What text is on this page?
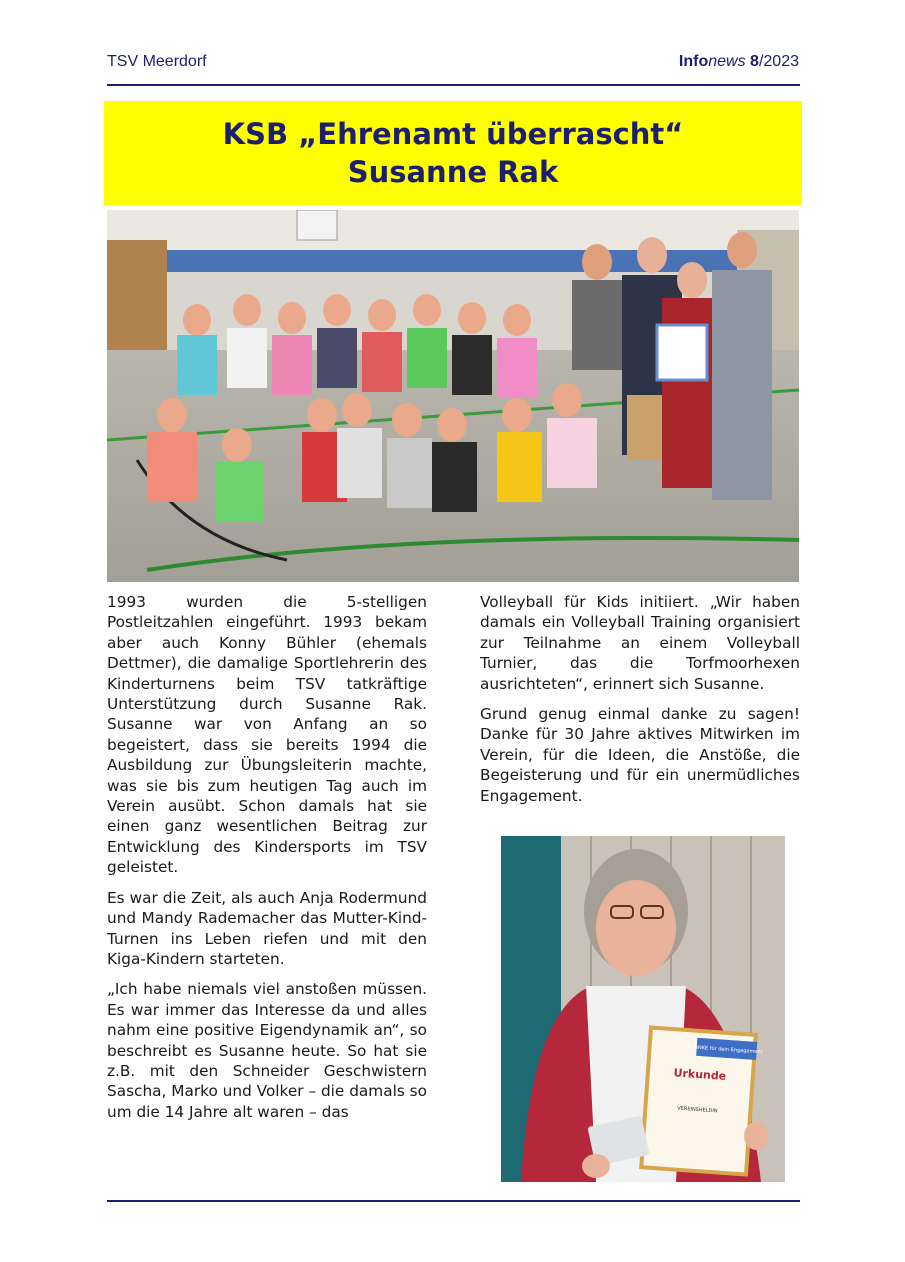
TSV Meerdorf	Infonews 8/2023
KSB „Ehrenamt überrascht“
Susanne Rak

1993 wurden die 5-stelligen Postleitzahlen eingeführt. 1993 bekam aber auch Konny Bühler (ehemals Dettmer), die damalige Sportlehrerin des Kinderturnens beim TSV tatkräftige Unterstützung durch Susanne Rak. Susanne war von Anfang an so begeistert, dass sie bereits 1994 die Ausbildung zur Übungsleiterin machte, was sie bis zum heutigen Tag auch im Verein ausübt. Schon damals hat sie einen ganz wesentlichen Beitrag zur Entwicklung des Kindersports im TSV geleistet.

Es war die Zeit, als auch Anja Rodermund und Mandy Rademacher das Mutter-Kind-Turnen ins Leben riefen und mit den Kiga-Kindern starteten.

„Ich habe niemals viel anstoßen müssen. Es war immer das Interesse da und alles nahm eine positive Eigendynamik an“, so beschreibt es Susanne heute. So hat sie z.B. mit den Schneider Geschwistern Sascha, Marko und Volker – die damals so um die 14 Jahre alt waren – das

Volleyball für Kids initiiert. „Wir haben damals ein Volleyball Training organisiert zur Teilnahme an einem Volleyball Turnier, das die Torfmoorhexen ausrichteten“, erinnert sich Susanne.

Grund genug einmal danke zu sagen! Danke für 30 Jahre aktives Mitwirken im Verein, für die Ideen, die Anstöße, die Begeisterung und für ein unermüdliches Engagement.

DANKE für dein Engagement
Urkunde
VEREINSHELDIN
